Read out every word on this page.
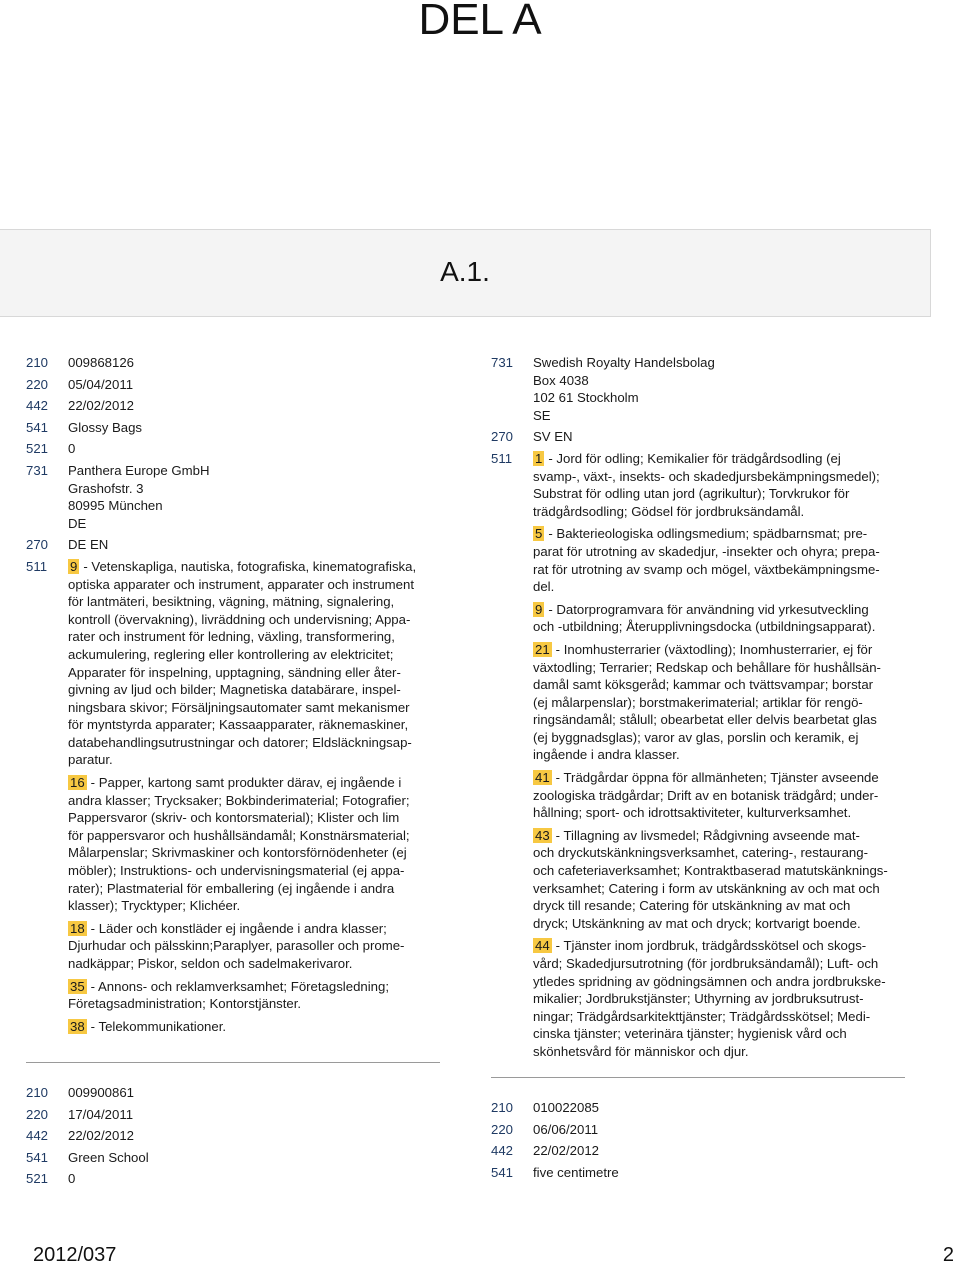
DEL A
A.1.
210	009868126
220	05/04/2011
442	22/02/2012
541	Glossy Bags
521	0
731	Panthera Europe GmbH
Grashofstr. 3
80995 München
DE
270	DE EN
511	9 - Vetenskapliga, nautiska, fotografiska, kinematografiska,
optiska apparater och instrument, apparater och instrument
för lantmäteri, besiktning, vägning, mätning, signalering,
kontroll (övervakning), livräddning och undervisning; Appa-
rater och instrument för ledning, växling, transformering,
ackumulering, reglering eller kontrollering av elektricitet;
Apparater för inspelning, upptagning, sändning eller åter-
givning av ljud och bilder; Magnetiska databärare, inspel-
ningsbara skivor; Försäljningsautomater samt mekanismer
för myntstyrda apparater; Kassaapparater, räknemaskiner,
databehandlingsutrustningar och datorer; Eldsläckningsap-
paratur.
16 - Papper, kartong samt produkter därav, ej ingående i
andra klasser; Trycksaker; Bokbinderimaterial; Fotografier;
Pappersvaror (skriv- och kontorsmaterial); Klister och lim
för pappersvaror och hushållsändamål; Konstnärsmaterial;
Målarpenslar; Skrivmaskiner och kontorsförnödenheter (ej
möbler); Instruktions- och undervisningsmaterial (ej appa-
rater); Plastmaterial för emballering (ej ingående i andra
klasser); Trycktyper; Klichéer.
18 - Läder och konstläder ej ingående i andra klasser;
Djurhudar och pälsskinn;Paraplyer, parasoller och prome-
nadkäppar; Piskor, seldon och sadelmakerivaror.
35 - Annons- och reklamverksamhet; Företagsledning;
Företagsadministration; Kontorstjänster.
38 - Telekommunikationer.
731	Swedish Royalty Handelsbolag
Box 4038
102 61 Stockholm
SE
270	SV EN
511	1 - Jord för odling; Kemikalier för trädgårdsodling (ej
svamp-, växt-, insekts- och skadedjursbekämpningsmedel);
Substrat för odling utan jord (agrikultur); Torvkrukor för
trädgårdsodling; Gödsel för jordbruksändamål.
5 - Bakterieologiska odlingsmedium; spädbarnsmat; pre-
parat för utrotning av skadedjur, -insekter och ohyra; prepa-
rat för utrotning av svamp och mögel, växtbekämpningsme-
del.
9 - Datorprogramvara för användning vid yrkesutveckling
och -utbildning; Återupplivningsdocka (utbildningsapparat).
21 - Inomhusterrarier (växtodling); Inomhusterrarier, ej för
växtodling; Terrarier; Redskap och behållare för hushållsän-
damål samt köksgeråd; kammar och tvättsvampar; borstar
(ej målarpenslar); borstmakerimaterial; artiklar för rengö-
ringsändamål; stålull; obearbetat eller delvis bearbetat glas
(ej byggnadsglas); varor av glas, porslin och keramik, ej
ingående i andra klasser.
41 - Trädgårdar öppna för allmänheten; Tjänster avseende
zoologiska trädgårdar; Drift av en botanisk trädgård; under-
hållning; sport- och idrottsaktiviteter, kulturverksamhet.
43 - Tillagning av livsmedel; Rådgivning avseende mat-
och dryckutskänkningsverksamhet, catering-, restaurang-
och cafeteriaverksamhet; Kontraktbaserad matutskänknings-
verksamhet; Catering i form av utskänkning av och mat och
dryck till resande; Catering för utskänkning av mat och
dryck; Utskänkning av mat och dryck; kortvarigt boende.
44 - Tjänster inom jordbruk, trädgårdsskötsel och skogs-
vård; Skadedjursutrotning (för jordbruksändamål); Luft- och
ytledes spridning av gödningsämnen och andra jordbrukske-
mikalier; Jordbrukstjänster; Uthyrning av jordbruksutrust-
ningar; Trädgårdsarkitekttjänster; Trädgårdsskötsel; Medi-
cinska tjänster; veterinära tjänster; hygienisk vård och
skönhetsvård för människor och djur.
210	009900861
220	17/04/2011
442	22/02/2012
541	Green School
521	0
210	010022085
220	06/06/2011
442	22/02/2012
541	five centimetre
2012/037	2
